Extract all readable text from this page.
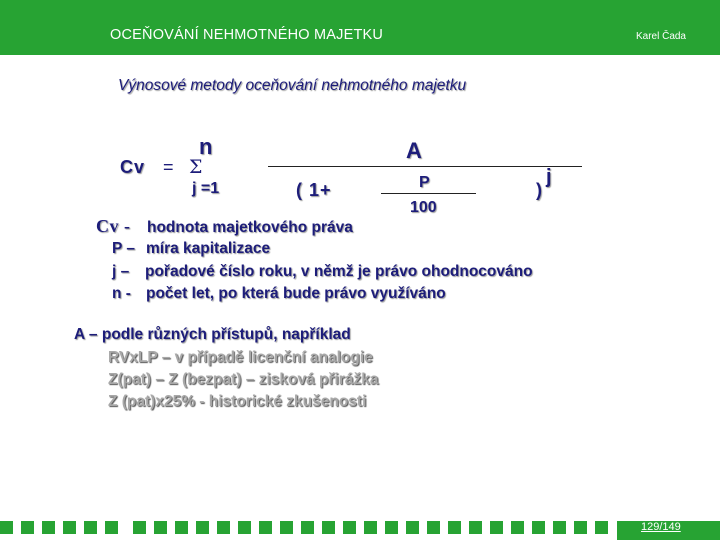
OCEŇOVÁNÍ NEHMOTNÉHO MAJETKU	Karel Čada
Výnosové metody oceňování nehmotného majetku
n
Cv = Σ
j =1
A
P
100
( 1+	)
j
Cv - hodnota majetkového práva
P – míra kapitalizace
j – pořadové číslo roku, v němž je právo ohodnocováno
n - počet let, po která bude právo využíváno
A – podle různých přístupů, například
RVxLP – v případě licenční analogie
Z(pat) – Z (bezpat) – zisková přirážka
Z (pat)x25% - historické zkušenosti
129/149
